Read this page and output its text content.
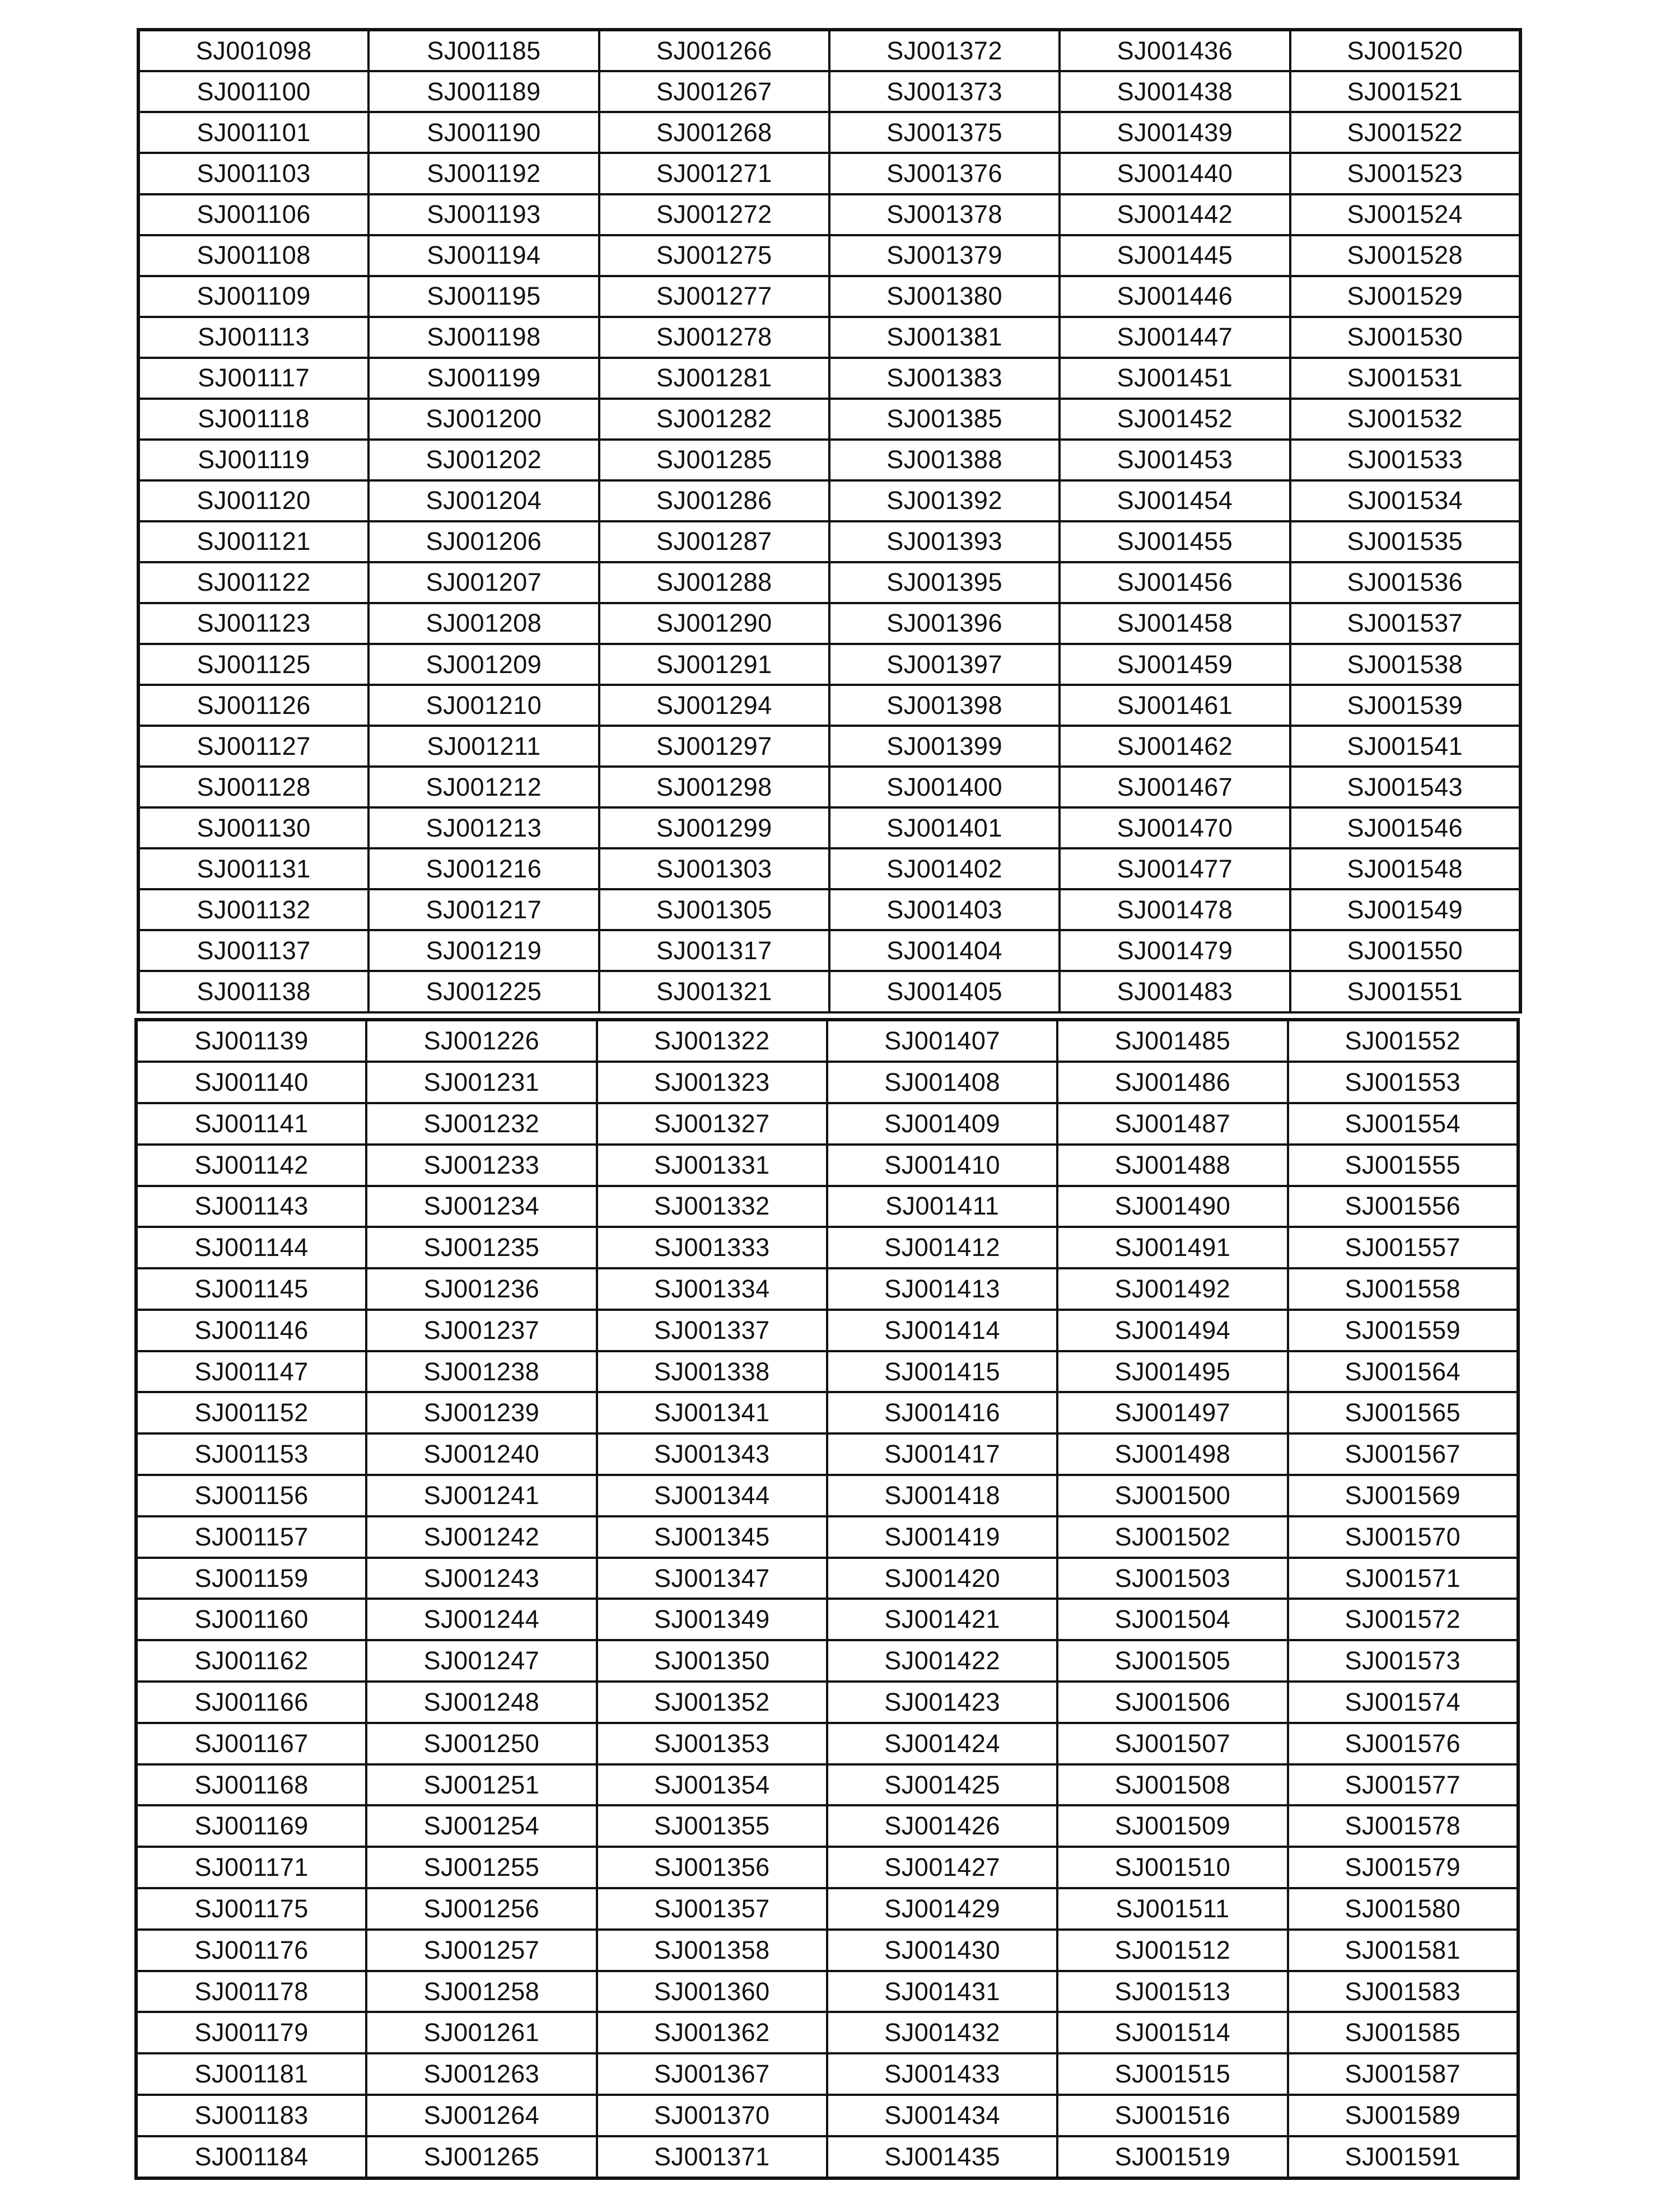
SJ001098	SJ001185	SJ001266	SJ001372	SJ001436	SJ001520
SJ001100	SJ001189	SJ001267	SJ001373	SJ001438	SJ001521
SJ001101	SJ001190	SJ001268	SJ001375	SJ001439	SJ001522
SJ001103	SJ001192	SJ001271	SJ001376	SJ001440	SJ001523
SJ001106	SJ001193	SJ001272	SJ001378	SJ001442	SJ001524
SJ001108	SJ001194	SJ001275	SJ001379	SJ001445	SJ001528
SJ001109	SJ001195	SJ001277	SJ001380	SJ001446	SJ001529
SJ001113	SJ001198	SJ001278	SJ001381	SJ001447	SJ001530
SJ001117	SJ001199	SJ001281	SJ001383	SJ001451	SJ001531
SJ001118	SJ001200	SJ001282	SJ001385	SJ001452	SJ001532
SJ001119	SJ001202	SJ001285	SJ001388	SJ001453	SJ001533
SJ001120	SJ001204	SJ001286	SJ001392	SJ001454	SJ001534
SJ001121	SJ001206	SJ001287	SJ001393	SJ001455	SJ001535
SJ001122	SJ001207	SJ001288	SJ001395	SJ001456	SJ001536
SJ001123	SJ001208	SJ001290	SJ001396	SJ001458	SJ001537
SJ001125	SJ001209	SJ001291	SJ001397	SJ001459	SJ001538
SJ001126	SJ001210	SJ001294	SJ001398	SJ001461	SJ001539
SJ001127	SJ001211	SJ001297	SJ001399	SJ001462	SJ001541
SJ001128	SJ001212	SJ001298	SJ001400	SJ001467	SJ001543
SJ001130	SJ001213	SJ001299	SJ001401	SJ001470	SJ001546
SJ001131	SJ001216	SJ001303	SJ001402	SJ001477	SJ001548
SJ001132	SJ001217	SJ001305	SJ001403	SJ001478	SJ001549
SJ001137	SJ001219	SJ001317	SJ001404	SJ001479	SJ001550
SJ001138	SJ001225	SJ001321	SJ001405	SJ001483	SJ001551
SJ001139	SJ001226	SJ001322	SJ001407	SJ001485	SJ001552
SJ001140	SJ001231	SJ001323	SJ001408	SJ001486	SJ001553
SJ001141	SJ001232	SJ001327	SJ001409	SJ001487	SJ001554
SJ001142	SJ001233	SJ001331	SJ001410	SJ001488	SJ001555
SJ001143	SJ001234	SJ001332	SJ001411	SJ001490	SJ001556
SJ001144	SJ001235	SJ001333	SJ001412	SJ001491	SJ001557
SJ001145	SJ001236	SJ001334	SJ001413	SJ001492	SJ001558
SJ001146	SJ001237	SJ001337	SJ001414	SJ001494	SJ001559
SJ001147	SJ001238	SJ001338	SJ001415	SJ001495	SJ001564
SJ001152	SJ001239	SJ001341	SJ001416	SJ001497	SJ001565
SJ001153	SJ001240	SJ001343	SJ001417	SJ001498	SJ001567
SJ001156	SJ001241	SJ001344	SJ001418	SJ001500	SJ001569
SJ001157	SJ001242	SJ001345	SJ001419	SJ001502	SJ001570
SJ001159	SJ001243	SJ001347	SJ001420	SJ001503	SJ001571
SJ001160	SJ001244	SJ001349	SJ001421	SJ001504	SJ001572
SJ001162	SJ001247	SJ001350	SJ001422	SJ001505	SJ001573
SJ001166	SJ001248	SJ001352	SJ001423	SJ001506	SJ001574
SJ001167	SJ001250	SJ001353	SJ001424	SJ001507	SJ001576
SJ001168	SJ001251	SJ001354	SJ001425	SJ001508	SJ001577
SJ001169	SJ001254	SJ001355	SJ001426	SJ001509	SJ001578
SJ001171	SJ001255	SJ001356	SJ001427	SJ001510	SJ001579
SJ001175	SJ001256	SJ001357	SJ001429	SJ001511	SJ001580
SJ001176	SJ001257	SJ001358	SJ001430	SJ001512	SJ001581
SJ001178	SJ001258	SJ001360	SJ001431	SJ001513	SJ001583
SJ001179	SJ001261	SJ001362	SJ001432	SJ001514	SJ001585
SJ001181	SJ001263	SJ001367	SJ001433	SJ001515	SJ001587
SJ001183	SJ001264	SJ001370	SJ001434	SJ001516	SJ001589
SJ001184	SJ001265	SJ001371	SJ001435	SJ001519	SJ001591
